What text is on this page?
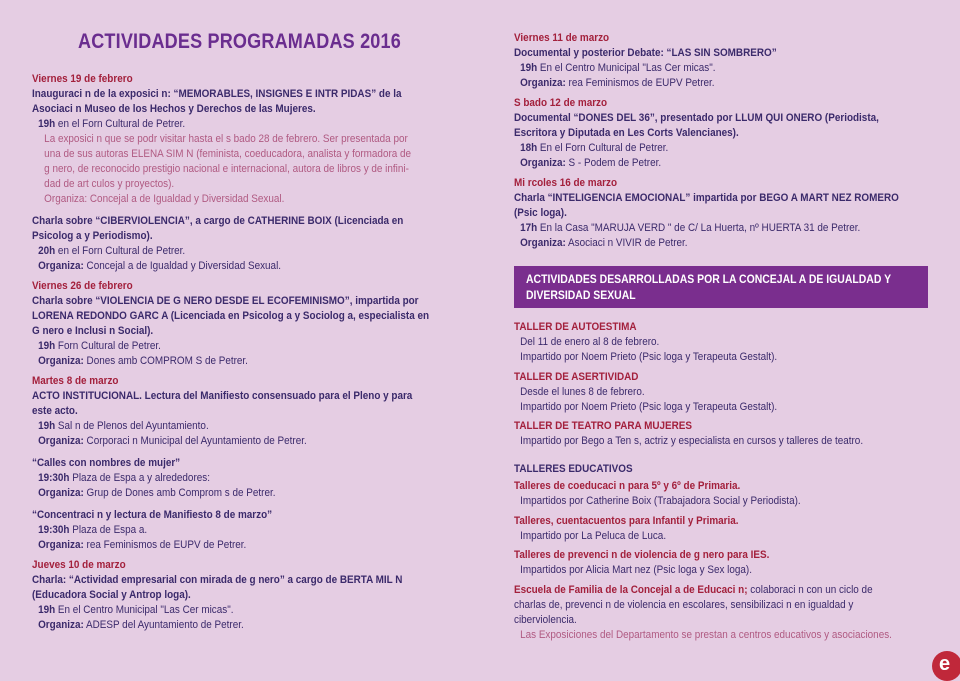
ACTIVIDADES PROGRAMADAS 2016
Viernes 19 de febrero
Inauguraci n de la exposici n: “MEMORABLES, INSIGNES E INTR PIDAS” de la
Asociaci n Museo de los Hechos y Derechos de las Mujeres.
19h en el Forn Cultural de Petrer.
La exposici n que se podr visitar hasta el s bado 28 de febrero. Ser presentada por
una de sus autoras ELENA SIM N (feminista, coeducadora, analista y formadora de
g nero, de reconocido prestigio nacional e internacional, autora de libros y de infini-
dad de art culos y proyectos).
Organiza: Concejal a de Igualdad y Diversidad Sexual.
Charla sobre “CIBERVIOLENCIA”, a cargo de CATHERINE BOIX (Licenciada en
Psicolog a y Periodismo).
20h en el Forn Cultural de Petrer.
Organiza: Concejal a de Igualdad y Diversidad Sexual.
Viernes 26 de febrero
Charla sobre “VIOLENCIA DE G NERO DESDE EL ECOFEMINISMO”, impartida por
LORENA REDONDO GARC A (Licenciada en Psicolog a y Sociolog a, especialista en
G nero e Inclusi n Social).
19h Forn Cultural de Petrer.
Organiza: Dones amb COMPROM S de Petrer.
Martes 8 de marzo
ACTO INSTITUCIONAL. Lectura del Manifiesto consensuado para el Pleno y para
este acto.
19h Sal n de Plenos del Ayuntamiento.
Organiza: Corporaci n Municipal del Ayuntamiento de Petrer.
“Calles con nombres de mujer”
19:30h Plaza de Espa a y alrededores:
Organiza: Grup de Dones amb Comprom s de Petrer.
“Concentraci n y lectura de Manifiesto 8 de marzo”
19:30h Plaza de Espa a.
Organiza: rea Feminismos de EUPV de Petrer.
Jueves 10 de marzo
Charla: “Actividad empresarial con mirada de g nero” a cargo de BERTA MIL N
(Educadora Social y Antrop loga).
19h En el Centro Municipal "Las Cer micas".
Organiza: ADESP del Ayuntamiento de Petrer.
Viernes 11 de marzo
Documental y posterior Debate: “LAS SIN SOMBRERO”
19h En el Centro Municipal "Las Cer micas".
Organiza: rea Feminismos de EUPV Petrer.
S bado 12 de marzo
Documental “DONES DEL 36”, presentado por LLUM QUI ONERO (Periodista,
Escritora y Diputada en Les Corts Valencianes).
18h En el Forn Cultural de Petrer.
Organiza: S - Podem de Petrer.
Mi rcoles 16 de marzo
Charla “INTELIGENCIA EMOCIONAL” impartida por BEGO A MART NEZ ROMERO
(Psic loga).
17h En la Casa "MARUJA VERD " de C/ La Huerta, nº HUERTA 31 de Petrer.
Organiza: Asociaci n VIVIR de Petrer.
ACTIVIDADES DESARROLLADAS POR LA CONCEJAL A DE IGUALDAD Y
DIVERSIDAD SEXUAL
TALLER DE AUTOESTIMA
Del 11 de enero al 8 de febrero.
Impartido por Noem Prieto (Psic loga y Terapeuta Gestalt).
TALLER DE ASERTIVIDAD
Desde el lunes 8 de febrero.
Impartido por Noem Prieto (Psic loga y Terapeuta Gestalt).
TALLER DE TEATRO PARA MUJERES
Impartido por Bego a Ten s, actriz y especialista en cursos y talleres de teatro.
TALLERES EDUCATIVOS
Talleres de coeducaci n para 5º y 6º de Primaria.
Impartidos por Catherine Boix (Trabajadora Social y Periodista).
Talleres, cuentacuentos para Infantil y Primaria.
Impartido por La Peluca de Luca.
Talleres de prevenci n de violencia de g nero para IES.
Impartidos por Alicia Mart nez (Psic loga y Sex loga).
Escuela de Familia de la Concejal a de Educaci n; colaboraci n con un ciclo de
charlas de, prevenci n de violencia en escolares, sensibilizaci n en igualdad y
ciberviolencia.
Las Exposiciones del Departamento se prestan a centros educativos y asociaciones.
e
